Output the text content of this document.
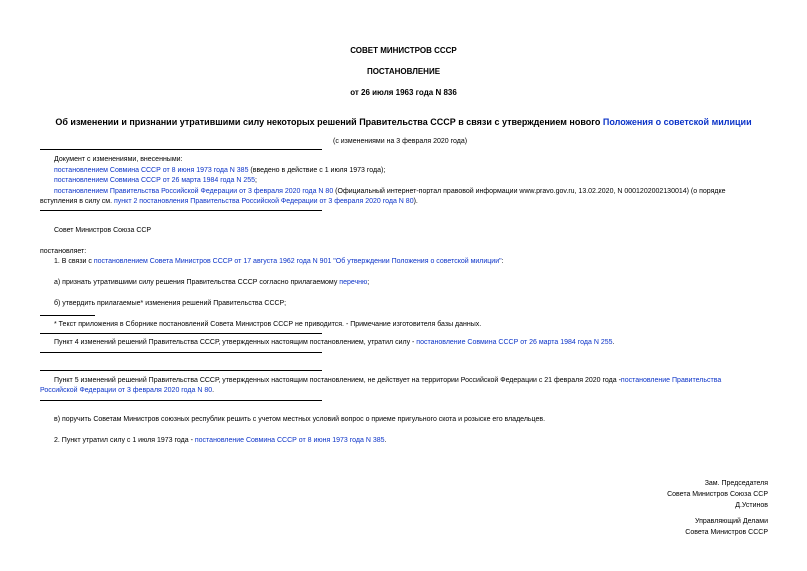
СОВЕТ МИНИСТРОВ СССР
ПОСТАНОВЛЕНИЕ
от 26 июля 1963 года N 836
Об изменении и признании утратившими силу некоторых решений Правительства СССР в связи с утверждением нового Положения о советской милиции
(с изменениями на 3 февраля 2020 года)
Документ с изменениями, внесенными:
постановлением Совмина СССР от 8 июня 1973 года N 385 (введено в действие с 1 июля 1973 года);
постановлением Совмина СССР от 26 марта 1984 года N 255;
постановлением Правительства Российской Федерации от 3 февраля 2020 года N 80 (Официальный интернет-портал правовой информации www.pravo.gov.ru, 13.02.2020, N 0001202002130014) (о порядке
вступления в силу см. пункт 2 постановления Правительства Российской Федерации от 3 февраля 2020 года N 80).
Совет Министров Союза ССР
постановляет:
1. В связи с постановлением Совета Министров СССР от 17 августа 1962 года N 901 "Об утверждении Положения о советской милиции":
а) признать утратившими силу решения Правительства СССР согласно прилагаемому перечню;
б) утвердить прилагаемые* изменения решений Правительства СССР;
* Текст приложения в Сборнике постановлений Совета Министров СССР не приводится. - Примечание изготовителя базы данных.
Пункт 4 изменений решений Правительства СССР, утвержденных настоящим постановлением, утратил силу - постановление Совмина СССР от 26 марта 1984 года N 255.
Пункт 5 изменений решений Правительства СССР, утвержденных настоящим постановлением, не действует на территории Российской Федерации с 21 февраля 2020 года -постановление Правительства
Российской Федерации от 3 февраля 2020 года N 80.
в) поручить Советам Министров союзных республик решить с учетом местных условий вопрос о приеме пригульного скота и розыске его владельцев.
2. Пункт утратил силу с 1 июля 1973 года - постановление Совмина СССР от 8 июня 1973 года N 385.
Зам. Председателя
Совета Министров Союза ССР
Д.Устинов
Управляющий Делами
Совета Министров СССР
